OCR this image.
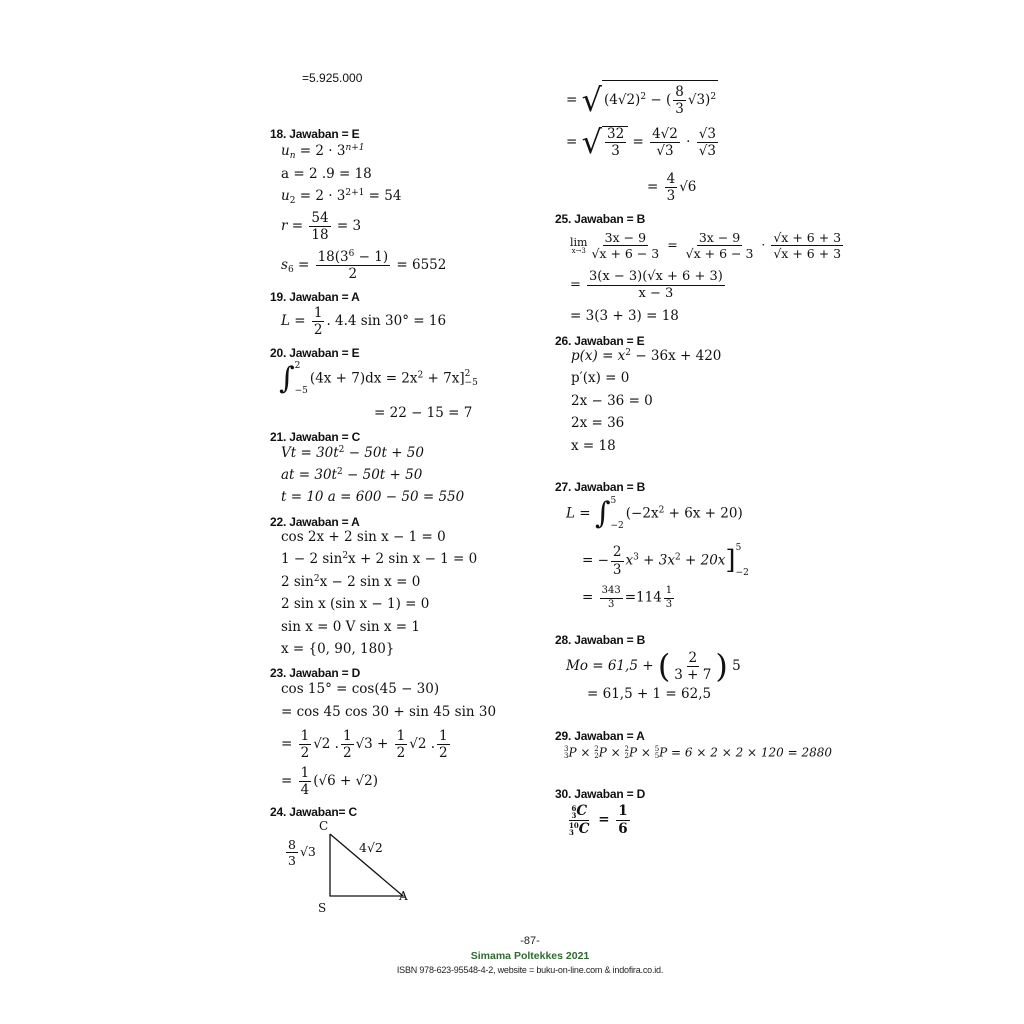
=5.925.000
18. Jawaban = E
$u_n = 2 \cdot 3^{n+1}$
a = 2 .9 = 18
$u_2 = 2 \cdot 3^{2+1} = 54$
$r = \frac{54}{18} = 3$
$s_6 = \frac{18(3^6 - 1)}{2} = 6552$
19. Jawaban = A
$L = \frac{1}{2}$ . 4.4 sin 30° = 16
20. Jawaban = E
∫ 2
−5
$(4x + 7)dx = 2x^2 + 7x$] 2
−5
= 22 − 15 = 7
21. Jawaban = C
$Vt = 30t^2 - 50t + 50$
at = $30t^2 - 50t + 50$
t = 10 a = 600 − 50 = 550
22. Jawaban = A
cos 2x + 2 sin x − 1 = 0
1 − 2 $\sin^2x + 2$ sin x − 1 = 0
2 $\sin^2x - 2$ sin x = 0
2 sin x (sin x − 1) = 0
sin x = 0 V sin x = 1
x = {0, 90, 180}
23. Jawaban = D
cos 15° = cos(45 − 30)
= cos 45 cos 30 + sin 45 sin 30
= $\frac{1}{2} √2$ . $\frac{1}{2} √3 + \frac{1}{2} √2$ . $\frac{1}{2}$
= $\frac{1}{4} (√6 + √2)$
24. Jawaban= C
C
S
A
$\frac{8}{3} √3$	4√2
= √ $(4√2)^2$ − ( $\frac{8}{3} √3)^2$
= √ $\frac{32}{3} = \frac{4√2}{√3} \cdot \frac{√3}{√3}$
= $\frac{4}{3} √6$
25. Jawaban = B
lim
$x\to 3 \frac{3x - 9}{√x + 6 - 3} = \frac{3x - 9}{√x + 6 - 3} \cdot \frac{√x + 6 + 3}{√x + 6 + 3}$
= $\frac{3(x - 3)(√x + 6 + 3)}{x - 3}$
= 3(3 + 3) = 18
26. Jawaban = E
$p(x) = x^2 - 36x + 420$
p′(x) = 0
2x − 36 = 0
2x = 36
x = 18
27. Jawaban = B
L = ∫ 5
−2
$(-2x^2 + 6x + 20)$
= − $\frac{2}{3} x^3 + 3x^2 + 20x$] 5
−2
= $\frac{343}{3} =114 \frac{1}{3}$
28. Jawaban = B
Mo = 61,5 + ( $\frac{2}{3 + 7}$ ) 5
= 61,5 + 1 = 62,5
29. Jawaban = A
3
3 P × 2
2 P × 2
2 P × 5
5 P = 6 × 2 × 2 × 120 = 2880
30. Jawaban = D
6
3 C
10
3 $C = \frac{1}{6}$
-87-
Simama Poltekkes 2021
ISBN 978-623-95548-4-2, website = buku-on-line.com & indofira.co.id.
